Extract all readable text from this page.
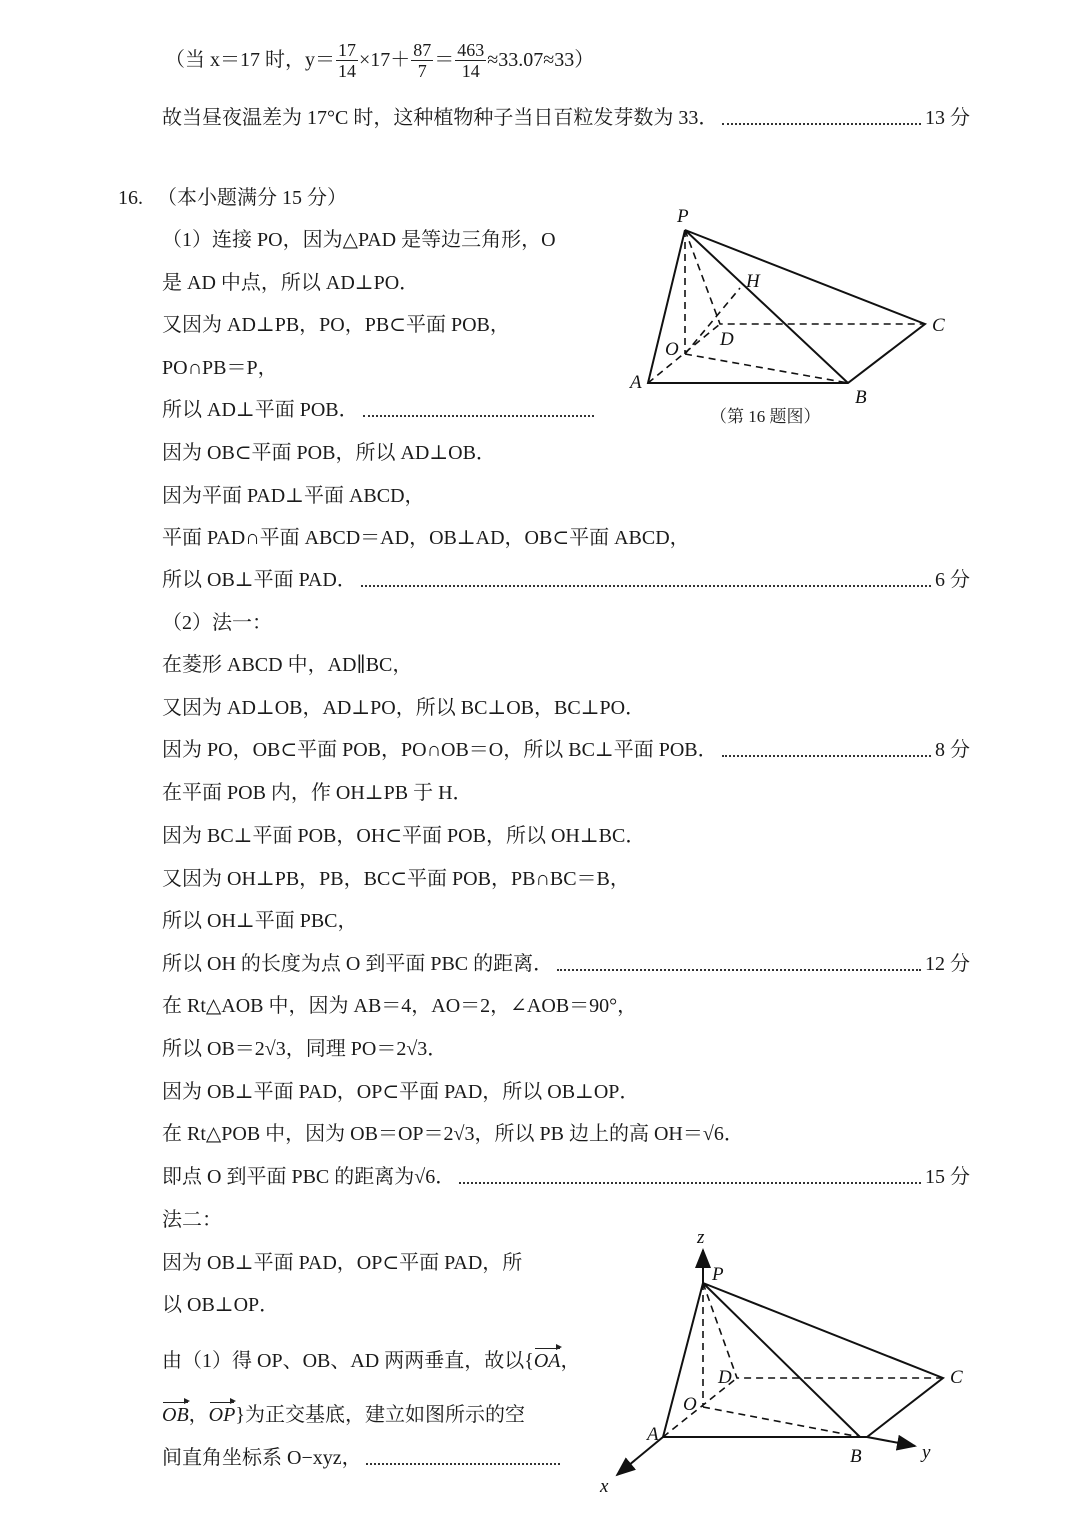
（当 x＝17 时，$y= \frac{17}{14} \times 17+ \frac{87}{7} = \frac{463}{14} \approx 33.07\approx 33$）
故当昼夜温差为 17°C 时，这种植物种子当日百粒发芽数为 33．	13 分
16. （本小题满分 15 分）
（1）连接 PO，因为△PAD 是等边三角形，O
是 AD 中点，所以 AD⊥PO．
又因为 AD⊥PB，PO，PB⊂平面 POB，
PO∩PB＝P，
所以 AD⊥平面 POB．
因为 OB⊂平面 POB，所以 AD⊥OB．
因为平面 PAD⊥平面 ABCD，
平面 PAD∩平面 ABCD＝AD，OB⊥AD，OB⊂平面 ABCD，
所以 OB⊥平面 PAD．	6 分
（2）法一：
在菱形 ABCD 中，AD∥BC，
又因为 AD⊥OB，AD⊥PO，所以 BC⊥OB，BC⊥PO．
因为 PO，OB⊂平面 POB，PO∩OB＝O，所以 BC⊥平面 POB．	8 分
在平面 POB 内，作 OH⊥PB 于 H．
因为 BC⊥平面 POB，OH⊂平面 POB，所以 OH⊥BC．
又因为 OH⊥PB，PB，BC⊂平面 POB，PB∩BC＝B，
所以 OH⊥平面 PBC，
所以 OH 的长度为点 O 到平面 PBC 的距离．	12 分
在 Rt△AOB 中，因为 AB＝4，AO＝2，∠AOB＝90°，
所以 OB＝2√3，同理 PO＝2√3．
因为 OB⊥平面 PAD，OP⊂平面 PAD，所以 OB⊥OP．
在 Rt△POB 中，因为 OB＝OP＝2√3，所以 PB 边上的高 OH＝√6．
即点 O 到平面 PBC 的距离为√6．	15 分
法二：
因为 OB⊥平面 PAD，OP⊂平面 PAD，所
以 OB⊥OP．
由（1）得 OP、OB、AD 两两垂直，故以{ OA ，
OB ， OP }为正交基底，建立如图所示的空
间直角坐标系 O−xyz，
P
H
C
D
O
A
B
（第 16 题图）
z
P
D	C
O
A
B	y
x
